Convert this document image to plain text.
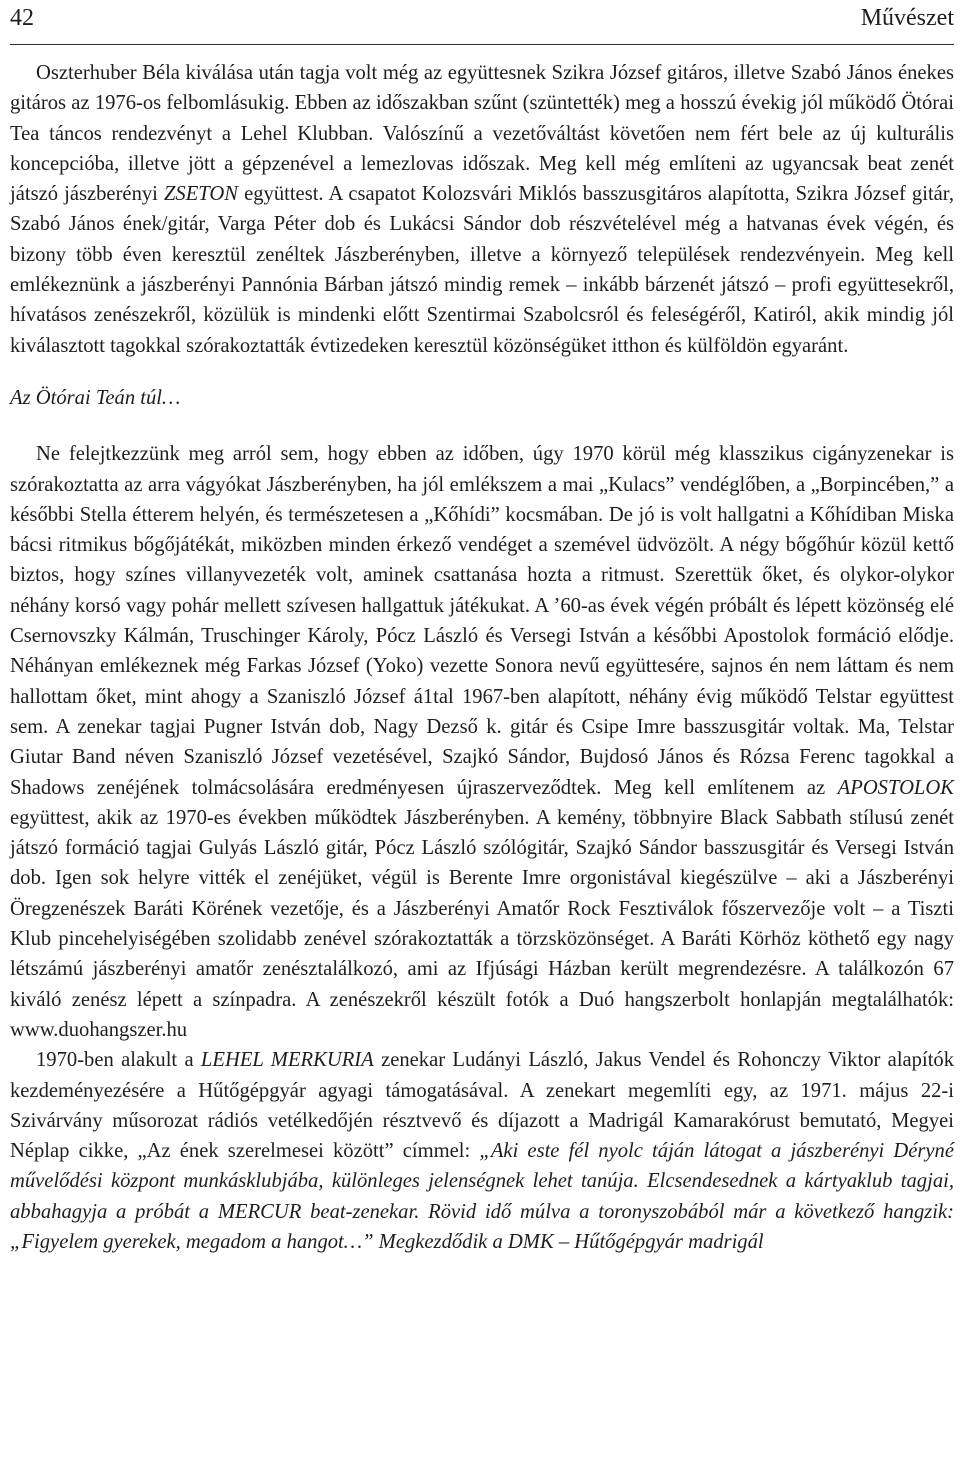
42	Művészet

Oszterhuber Béla kiválása után tagja volt még az együttesnek Szikra József gitáros, illetve Szabó János énekes gitáros az 1976-os felbomlásukig. Ebben az időszakban szűnt (szüntették) meg a hosszú évekig jól működő Ötórai Tea táncos rendezvényt a Lehel Klubban. Valószínű a vezetőváltást követően nem fért bele az új kulturális koncepcióba, illetve jött a gépzenével a lemezlovas időszak. Meg kell még említeni az ugyancsak beat zenét játszó jászberényi ZSETON együttest. A csapatot Kolozsvári Miklós basszusgitáros alapította, Szikra József gitár, Szabó János ének/gitár, Varga Péter dob és Lukácsi Sándor dob részvételével még a hatvanas évek végén, és bizony több éven keresztül zenéltek Jászberényben, illetve a környező települések rendezvényein. Meg kell emlékeznünk a jászberényi Pannónia Bárban játszó mindig remek – inkább bárzenét játszó – profi együttesekről, hívatásos zenészekről, közülük is mindenki előtt Szentirmai Szabolcsról és feleségéről, Katiról, akik mindig jól kiválasztott tagokkal szórakoztatták évtizedeken keresztül közönségüket itthon és külföldön egyaránt.

Az Ötórai Teán túl…

Ne felejtkezzünk meg arról sem, hogy ebben az időben, úgy 1970 körül még klasszikus cigányzenekar is szórakoztatta az arra vágyókat Jászberényben, ha jól emlékszem a mai „Kulacs” vendéglőben, a „Borpincében,” a későbbi Stella étterem helyén, és természetesen a „Kőhídi” kocsmában. De jó is volt hallgatni a Kőhídiban Miska bácsi ritmikus bőgőjátékát, miközben minden érkező vendéget a szemével üdvözölt. A négy bőgőhúr közül kettő biztos, hogy színes villanyvezeték volt, aminek csattanása hozta a ritmust. Szerettük őket, és olykor-olykor néhány korsó vagy pohár mellett szívesen hallgattuk játékukat. A ’60-as évek végén próbált és lépett közönség elé Csernovszky Kálmán, Truschinger Károly, Pócz László és Versegi István a későbbi Apostolok formáció elődje. Néhányan emlékeznek még Farkas József (Yoko) vezette Sonora nevű együttesére, sajnos én nem láttam és nem hallottam őket, mint ahogy a Szaniszló József á1tal 1967-ben alapított, néhány évig működő Telstar együttest sem. A zenekar tagjai Pugner István dob, Nagy Dezső k. gitár és Csipe Imre basszusgitár voltak. Ma, Telstar Giutar Band néven Szaniszló József vezetésével, Szajkó Sándor, Bujdosó János és Rózsa Ferenc tagokkal a Shadows zenéjének tolmácsolására eredményesen újraszerveződtek. Meg kell említenem az APOSTOLOK együttest, akik az 1970-es években működtek Jászberényben. A kemény, többnyire Black Sabbath stílusú zenét játszó formáció tagjai Gulyás László gitár, Pócz László szólógitár, Szajkó Sándor basszusgitár és Versegi István dob. Igen sok helyre vitték el zenéjüket, végül is Berente Imre orgonistával kiegészülve – aki a Jászberényi Öregzenészek Baráti Körének vezetője, és a Jászberényi Amatőr Rock Fesztiválok főszervezője volt – a Tiszti Klub pincehelyiségében szolidabb zenével szórakoztatták a törzsközönséget. A Baráti Körhöz köthető egy nagy létszámú jászberényi amatőr zenésztalálkozó, ami az Ifjúsági Házban került megrendezésre. A találkozón 67 kiváló zenész lépett a színpadra. A zenészekről készült fotók a Duó hangszerbolt honlapján megtalálhatók: www.duohangszer.hu

1970-ben alakult a LEHEL MERKURIA zenekar Ludányi László, Jakus Vendel és Rohonczy Viktor alapítók kezdeményezésére a Hűtőgépgyár agyagi támogatásával. A zenekart megemlíti egy, az 1971. május 22-i Szivárvány műsorozat rádiós vetélkedőjén résztvevő és díjazott a Madrigál Kamarakórust bemutató, Megyei Néplap cikke, „Az ének szerelmesei között” címmel: „Aki este fél nyolc táján látogat a jászberényi Déryné művelődési központ munkásklubjába, különleges jelenségnek lehet tanúja. Elcsendesednek a kártyaklub tagjai, abbahagyja a próbát a MERCUR beat-zenekar. Rövid idő múlva a toronyszobából már a következő hangzik: „Figyelem gyerekek, megadom a hangot…” Megkezdődik a DMK – Hűtőgépgyár madrigál
